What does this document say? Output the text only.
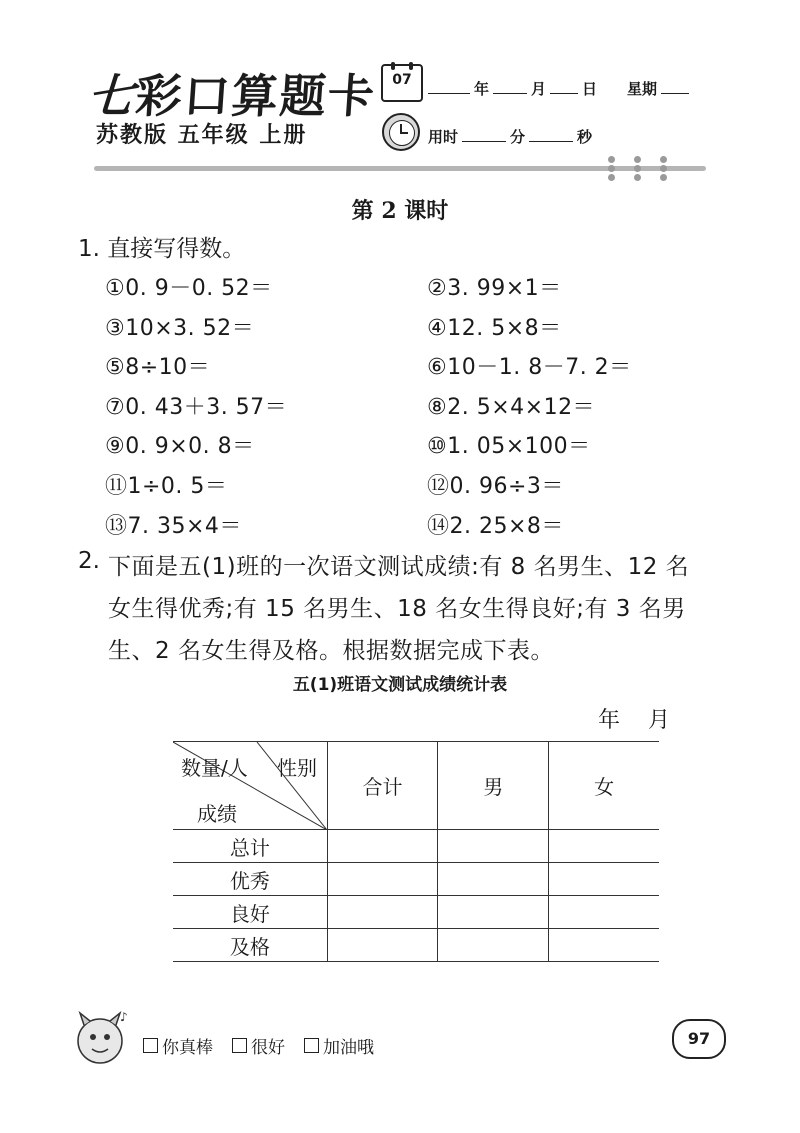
七彩口算题卡
苏教版 五年级 上册
07	年	月 日 星期
用时	分	秒
第 2 课时
1. 直接写得数。
①0. 9－0. 52＝	②3. 99×1＝
③10×3. 52＝	④12. 5×8＝
⑤8÷10＝	⑥10－1. 8－7. 2＝
⑦0. 43＋3. 57＝	⑧2. 5×4×12＝
⑨0. 9×0. 8＝	⑩1. 05×100＝
⑪1÷0. 5＝	⑫0. 96÷3＝
⑬7. 35×4＝	⑭2. 25×8＝
2. 下面是五(1)班的一次语文测试成绩:有 8 名男生、12 名
女生得优秀;有 15 名男生、18 名女生得良好;有 3 名男
生、2 名女生得及格。根据数据完成下表。
五(1)班语文测试成绩统计表
年    月
数量/人 性别
成绩	合计	男	女
总计			
优秀			
良好			
及格			
♪
你真棒 很好 加油哦	97
